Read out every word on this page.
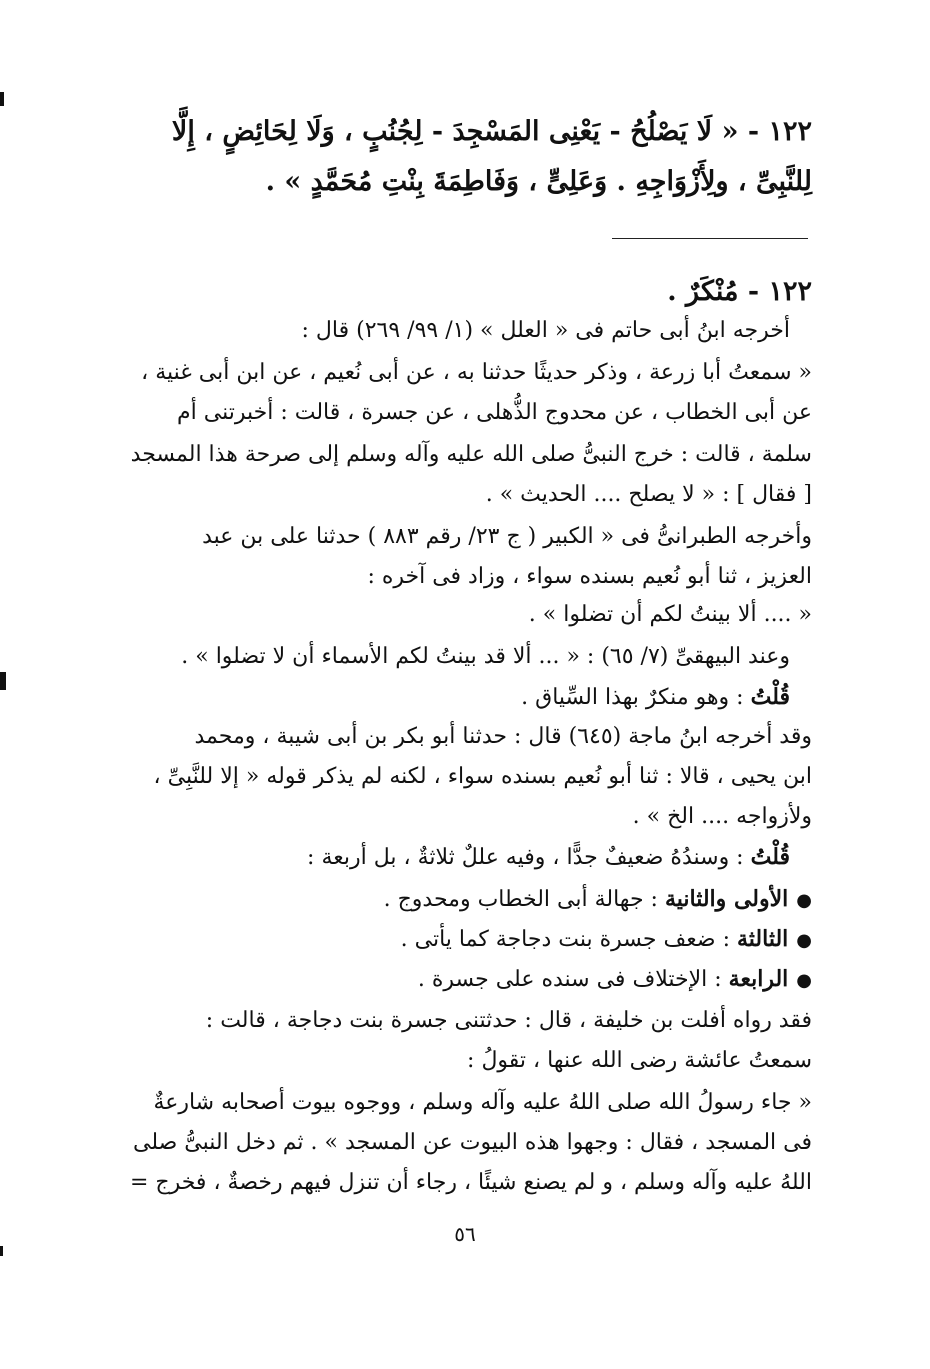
١٢٢ - « لَا يَصْلُحُ - يَعْنِى المَسْجِدَ - لِجُنُبٍ ، وَلَا لِحَائِضٍ ، إِلَّا
لِلنَّبِىِّ ، ولِأَزْوَاجِهِ . وَعَلِىٍّ ، وَفَاطِمَةَ بِنْتِ مُحَمَّدٍ » .
١٢٢ - مُنْكَرٌ .
أخرجه ابنُ أبى حاتم فى « العلل » (١/ ٩٩/ ٢٦٩) قال :
« سمعتُ أبا زرعة ، وذكر حديثًا حدثنا به ، عن أبى نُعيم ، عن ابن أبى غنية ،
عن أبى الخطاب ، عن محدوج الذُّهلى ، عن جسرة ، قالت : أخبرتنى أم
سلمة ، قالت : خرج النبىُّ صلى الله عليه وآله وسلم إلى صرحة هذا المسجد
[ فقال ] : « لا يصلح .... الحديث » .
وأخرجه الطبرانىُّ فى « الكبير ( ج ٢٣/ رقم ٨٨٣ ) حدثنا على بن عبد
العزيز ، ثنا أبو نُعيم بسنده سواء ، وزاد فى آخره :
« .... ألا بينتُ لكم أن تضلوا » .
وعند البيهقىِّ (٧/ ٦٥) : « ... ألا قد بينتُ لكم الأسماء أن لا تضلوا » .
قُلْتُ : وهو منكرٌ بهذا السِّياق .
وقد أخرجه ابنُ ماجة (٦٤٥) قال : حدثنا أبو بكر بن أبى شيبة ، ومحمد
ابن يحيى ، قالا : ثنا أبو نُعيم بسنده سواء ، لكنه لم يذكر قوله « إلا للنَّبِىِّ ،
ولأزواجه .... الخ » .
قُلْتُ : وسندُهُ ضعيفٌ جدًّا ، وفيه عللٌ ثلاثةٌ ، بل أربعة :
●الأولى والثانية : جهالة أبى الخطاب ومحدوج .
●الثالثة : ضعف جسرة بنت دجاجة كما يأتى .
●الرابعة : الإختلاف فى سنده على جسرة .
فقد رواه أفلت بن خليفة ، قال : حدثتنى جسرة بنت دجاجة ، قالت :
سمعتُ عائشة رضى الله عنها ، تقولُ :
« جاء رسولُ الله صلى اللهُ عليه وآله وسلم ، ووجوه بيوت أصحابه شارعةٌ
فى المسجد ، فقال : وجهوا هذه البيوت عن المسجد » . ثم دخل النبىُّ صلى
اللهُ عليه وآله وسلم ، و لم يصنع شيئًا ، رجاء أن تنزل فيهم رخصةٌ ، فخرج =
٥٦
